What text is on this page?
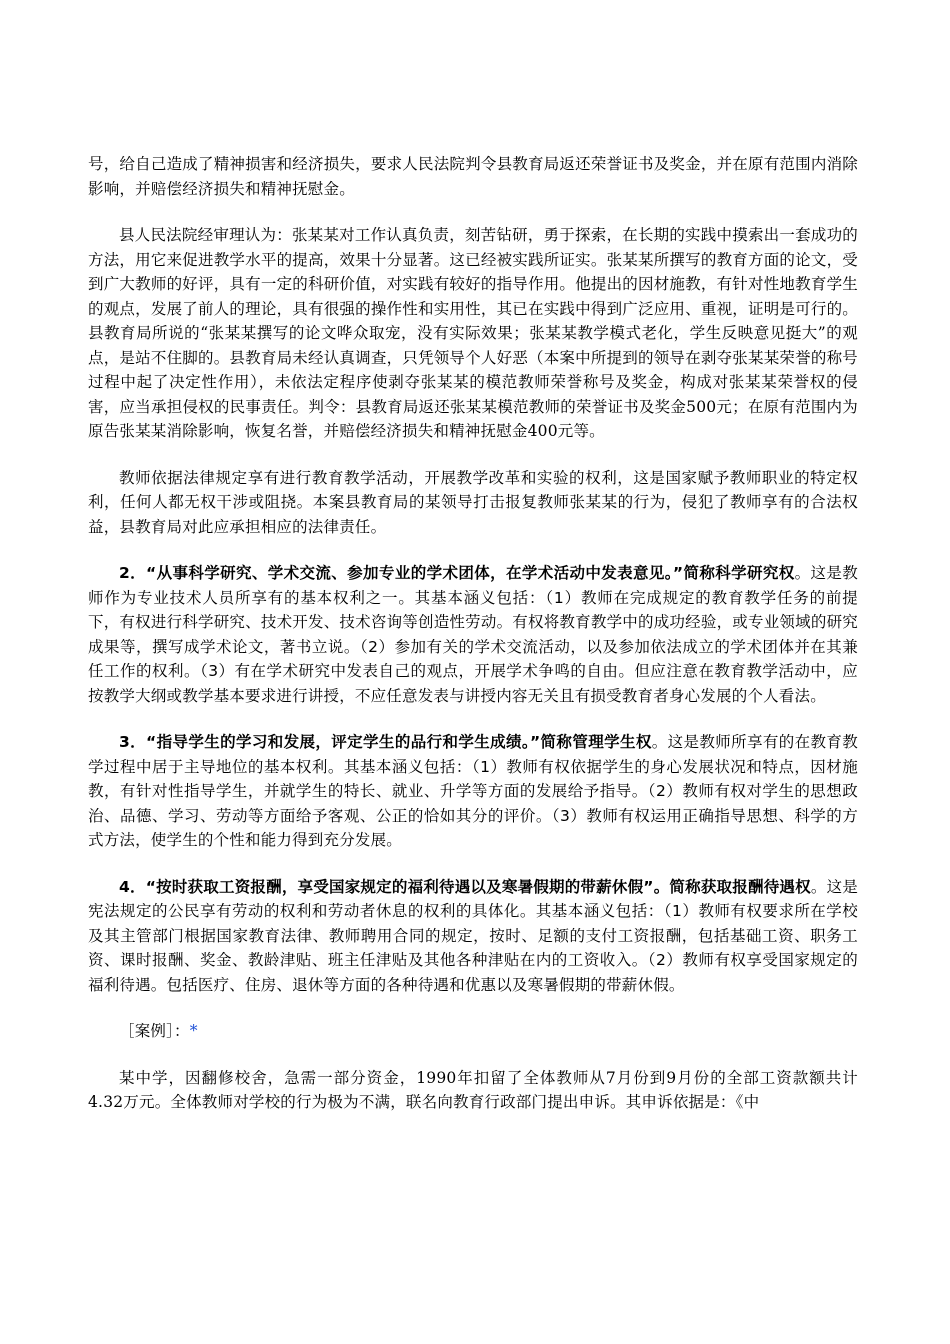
号，给自己造成了精神损害和经济损失，要求人民法院判令县教育局返还荣誉证书及奖金，并在原有范围内消除影响，并赔偿经济损失和精神抚慰金。

县人民法院经审理认为：张某某对工作认真负责，刻苦钻研，勇于探索，在长期的实践中摸索出一套成功的方法，用它来促进教学水平的提高，效果十分显著。这已经被实践所证实。张某某所撰写的教育方面的论文，受到广大教师的好评，具有一定的科研价值，对实践有较好的指导作用。他提出的因材施教，有针对性地教育学生的观点，发展了前人的理论，具有很强的操作性和实用性，其已在实践中得到广泛应用、重视，证明是可行的。县教育局所说的“张某某撰写的论文哗众取宠，没有实际效果；张某某教学模式老化，学生反映意见挺大”的观点，是站不住脚的。县教育局未经认真调查，只凭领导个人好恶（本案中所提到的领导在剥夺张某某荣誉的称号过程中起了决定性作用），未依法定程序使剥夺张某某的模范教师荣誉称号及奖金，构成对张某某荣誉权的侵害，应当承担侵权的民事责任。判令：县教育局返还张某某模范教师的荣誉证书及奖金500元；在原有范围内为原告张某某消除影响，恢复名誉，并赔偿经济损失和精神抚慰金400元等。

教师依据法律规定享有进行教育教学活动，开展教学改革和实验的权利，这是国家赋予教师职业的特定权利，任何人都无权干涉或阻挠。本案县教育局的某领导打击报复教师张某某的行为，侵犯了教师享有的合法权益，县教育局对此应承担相应的法律责任。

2．“从事科学研究、学术交流、参加专业的学术团体，在学术活动中发表意见。”简称科学研究权。这是教师作为专业技术人员所享有的基本权利之一。其基本涵义包括：（1）教师在完成规定的教育教学任务的前提下，有权进行科学研究、技术开发、技术咨询等创造性劳动。有权将教育教学中的成功经验，或专业领域的研究成果等，撰写成学术论文，著书立说。（2）参加有关的学术交流活动，以及参加依法成立的学术团体并在其兼任工作的权利。（3）有在学术研究中发表自己的观点，开展学术争鸣的自由。但应注意在教育教学活动中，应按教学大纲或教学基本要求进行讲授，不应任意发表与讲授内容无关且有损受教育者身心发展的个人看法。

3．“指导学生的学习和发展，评定学生的品行和学生成绩。”简称管理学生权。这是教师所享有的在教育教学过程中居于主导地位的基本权利。其基本涵义包括：（1）教师有权依据学生的身心发展状况和特点，因材施教，有针对性指导学生，并就学生的特长、就业、升学等方面的发展给予指导。（2）教师有权对学生的思想政治、品德、学习、劳动等方面给予客观、公正的恰如其分的评价。（3）教师有权运用正确指导思想、科学的方式方法，使学生的个性和能力得到充分发展。

4．“按时获取工资报酬，享受国家规定的福利待遇以及寒暑假期的带薪休假”。简称获取报酬待遇权。这是宪法规定的公民享有劳动的权利和劳动者休息的权利的具体化。其基本涵义包括：（1）教师有权要求所在学校及其主管部门根据国家教育法律、教师聘用合同的规定，按时、足额的支付工资报酬，包括基础工资、职务工资、课时报酬、奖金、教龄津贴、班主任津贴及其他各种津贴在内的工资收入。（2）教师有权享受国家规定的福利待遇。包括医疗、住房、退休等方面的各种待遇和优惠以及寒暑假期的带薪休假。

［案例］：*

某中学，因翻修校舍，急需一部分资金，1990年扣留了全体教师从7月份到9月份的全部工资款额共计4.32万元。全体教师对学校的行为极为不满，联名向教育行政部门提出申诉。其申诉依据是：《中
